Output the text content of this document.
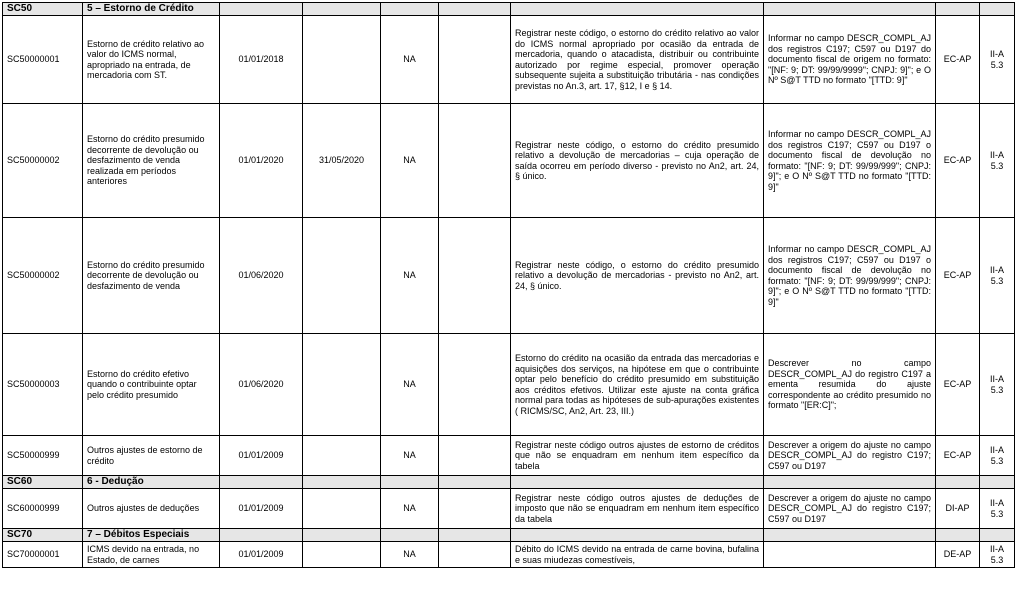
SC50	5 – Estorno de Crédito								
SC50000001	Estorno de crédito relativo ao valor do ICMS normal, apropriado na entrada, de mercadoria com ST.	01/01/2018		NA		Registrar neste código, o estorno do crédito relativo ao valor do ICMS normal apropriado por ocasião da entrada de mercadoria, quando o atacadista, distribuir ou contribuinte autorizado por regime especial, promover operação subsequente sujeita a substituição tributária - nas condições previstas no An.3, art. 17, §12, I e § 14.	Informar no campo DESCR_COMPL_AJ dos registros C197; C597 ou D197 do documento fiscal de origem no formato: "[NF: 9; DT: 99/99/9999"; CNPJ: 9]"; e O Nº S@T TTD no formato "[TTD: 9]"	EC-AP	II-A 5.3
SC50000002	Estorno do crédito presumido decorrente de devolução ou desfazimento de venda realizada em períodos anteriores	01/01/2020	31/05/2020	NA		Registrar neste código, o estorno do crédito presumido relativo a devolução de mercadorias – cuja operação de saída ocorreu em período diverso - previsto no An2, art. 24, § único.	Informar no campo DESCR_COMPL_AJ dos registros C197; C597 ou D197 o documento fiscal de devolução no formato: "[NF: 9; DT: 99/99/999"; CNPJ: 9]"; e O Nº S@T TTD no formato "[TTD: 9]"	EC-AP	II-A 5.3
SC50000002	Estorno do crédito presumido decorrente de devolução ou desfazimento de venda	01/06/2020		NA		Registrar neste código, o estorno do crédito presumido relativo a devolução de mercadorias - previsto no An2, art. 24, § único.	Informar no campo DESCR_COMPL_AJ dos registros C197; C597 ou D197 o documento fiscal de devolução no formato: "[NF: 9; DT: 99/99/999"; CNPJ: 9]"; e O Nº S@T TTD no formato "[TTD: 9]"	EC-AP	II-A 5.3
SC50000003	Estorno do crédito efetivo quando o contribuinte optar pelo crédito presumido	01/06/2020		NA		Estorno do crédito na ocasião da entrada das mercadorias e aquisições dos serviços, na hipótese em que o contribuinte optar pelo benefício do crédito presumido em substituição aos créditos efetivos. Utilizar este ajuste na conta gráfica normal para todas as hipóteses de sub-apurações existentes ( RICMS/SC, An2, Art. 23, III.)	Descrever no campo DESCR_COMPL_AJ do registro C197 a ementa resumida do ajuste correspondente ao crédito presumido no formato "[ER:C]";	EC-AP	II-A 5.3
SC50000999	Outros ajustes de estorno de crédito	01/01/2009		NA		Registrar neste código outros ajustes de estorno de créditos que não se enquadram em nenhum item específico da tabela	Descrever a origem do ajuste no campo DESCR_COMPL_AJ do registro C197; C597 ou D197	EC-AP	II-A 5.3
SC60	6 - Dedução								
SC60000999	Outros ajustes de deduções	01/01/2009		NA		Registrar neste código outros ajustes de deduções de imposto que não se enquadram em nenhum item específico da tabela	Descrever a origem do ajuste no campo DESCR_COMPL_AJ do registro C197; C597 ou D197	DI-AP	II-A 5.3
SC70	7 – Débitos Especiais								
SC70000001	ICMS devido na entrada, no Estado, de carnes	01/01/2009		NA		Débito do ICMS devido na entrada de carne bovina, bufalina e suas miudezas comestíveis,		DE-AP	II-A 5.3
